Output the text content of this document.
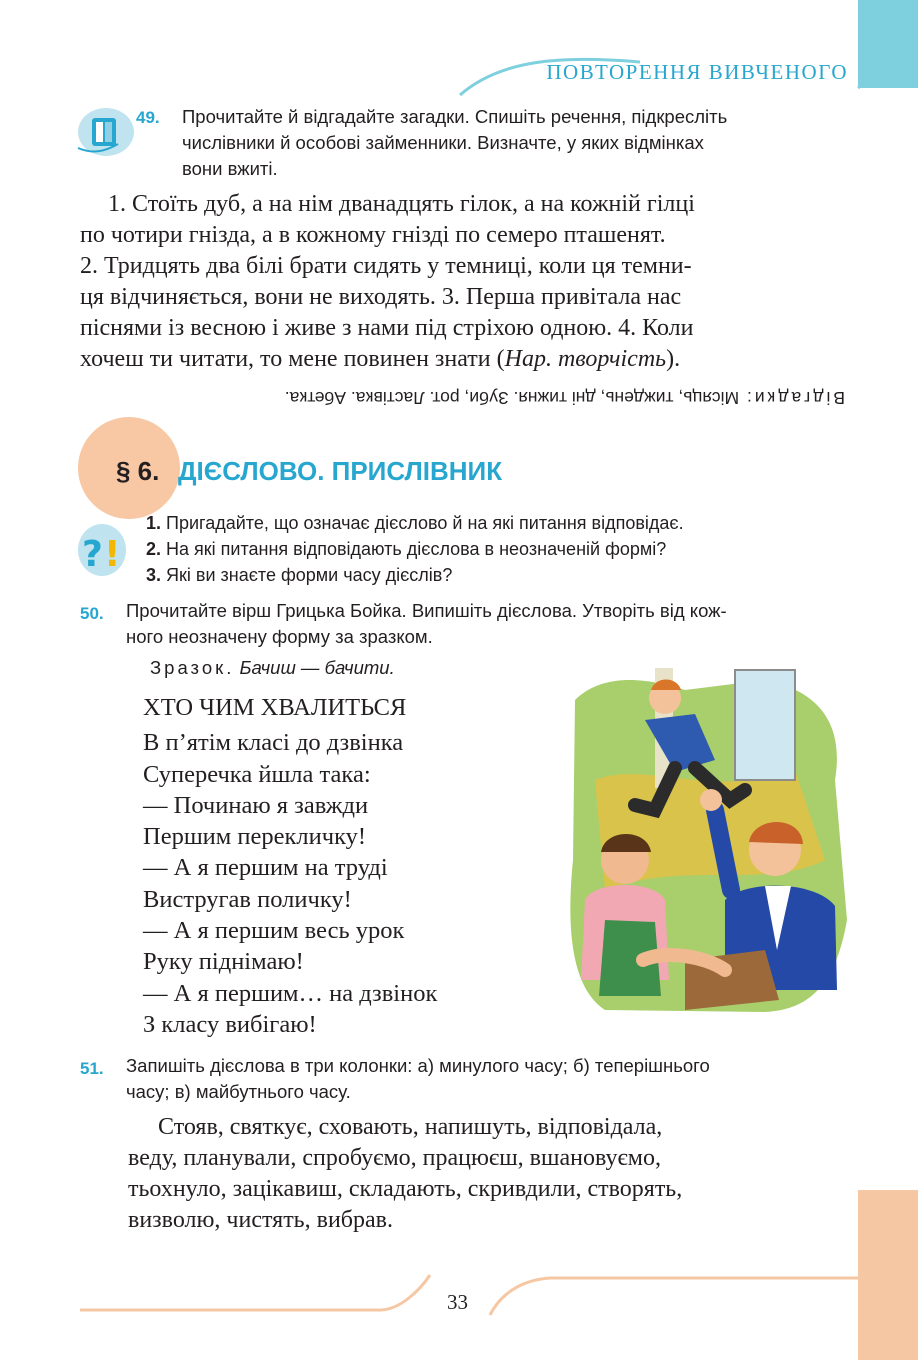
ПОВТОРЕННЯ ВИВЧЕНОГО
49. Прочитайте й відгадайте загадки. Спишіть речення, підкресліть
числівники й особові займенники. Визначте, у яких відмінках
вони вжиті.
1. Стоїть дуб, а на нім дванадцять гілок, а на кожній гілці
по чотири гнізда, а в кожному гнізді по семеро пташенят.
2. Тридцять два білі брати сидять у темниці, коли ця темни-
ця відчиняється, вони не виходять. 3. Перша привітала нас
піснями із весною і живе з нами під стріхою одною. 4. Коли
хочеш ти читати, то мене повинен знати (Нар. творчість).
Відгадки: Місяць, тиждень, дні тижня. Зуби, рот. Ластівка. Абетка.
§ 6. ДІЄСЛОВО. ПРИСЛІВНИК
? !
1. Пригадайте, що означає дієслово й на які питання відповідає.
2. На які питання відповідають дієслова в неозначеній формі?
3. Які ви знаєте форми часу дієслів?
50. Прочитайте вірш Грицька Бойка. Випишіть дієслова. Утворіть від кож-
ного неозначену форму за зразком.
Зразок. Бачиш — бачити.
ХТО ЧИМ ХВАЛИТЬСЯ
В п’ятім класі до дзвінка
Суперечка йшла така:
— Починаю я завжди
Першим перекличку!
— А я першим на труді
Вистругав поличку!
— А я першим весь урок
Руку піднімаю!
— А я першим… на дзвінок
З класу вибігаю!
51. Запишіть дієслова в три колонки: а) минулого часу; б) теперішнього
часу; в) майбутнього часу.
Стояв, святкує, сховають, напишуть, відповідала,
веду, планували, спробуємо, працюєш, вшановуємо,
тьохнуло, зацікавиш, складають, скривдили, створять,
визволю, чистять, вибрав.
33
